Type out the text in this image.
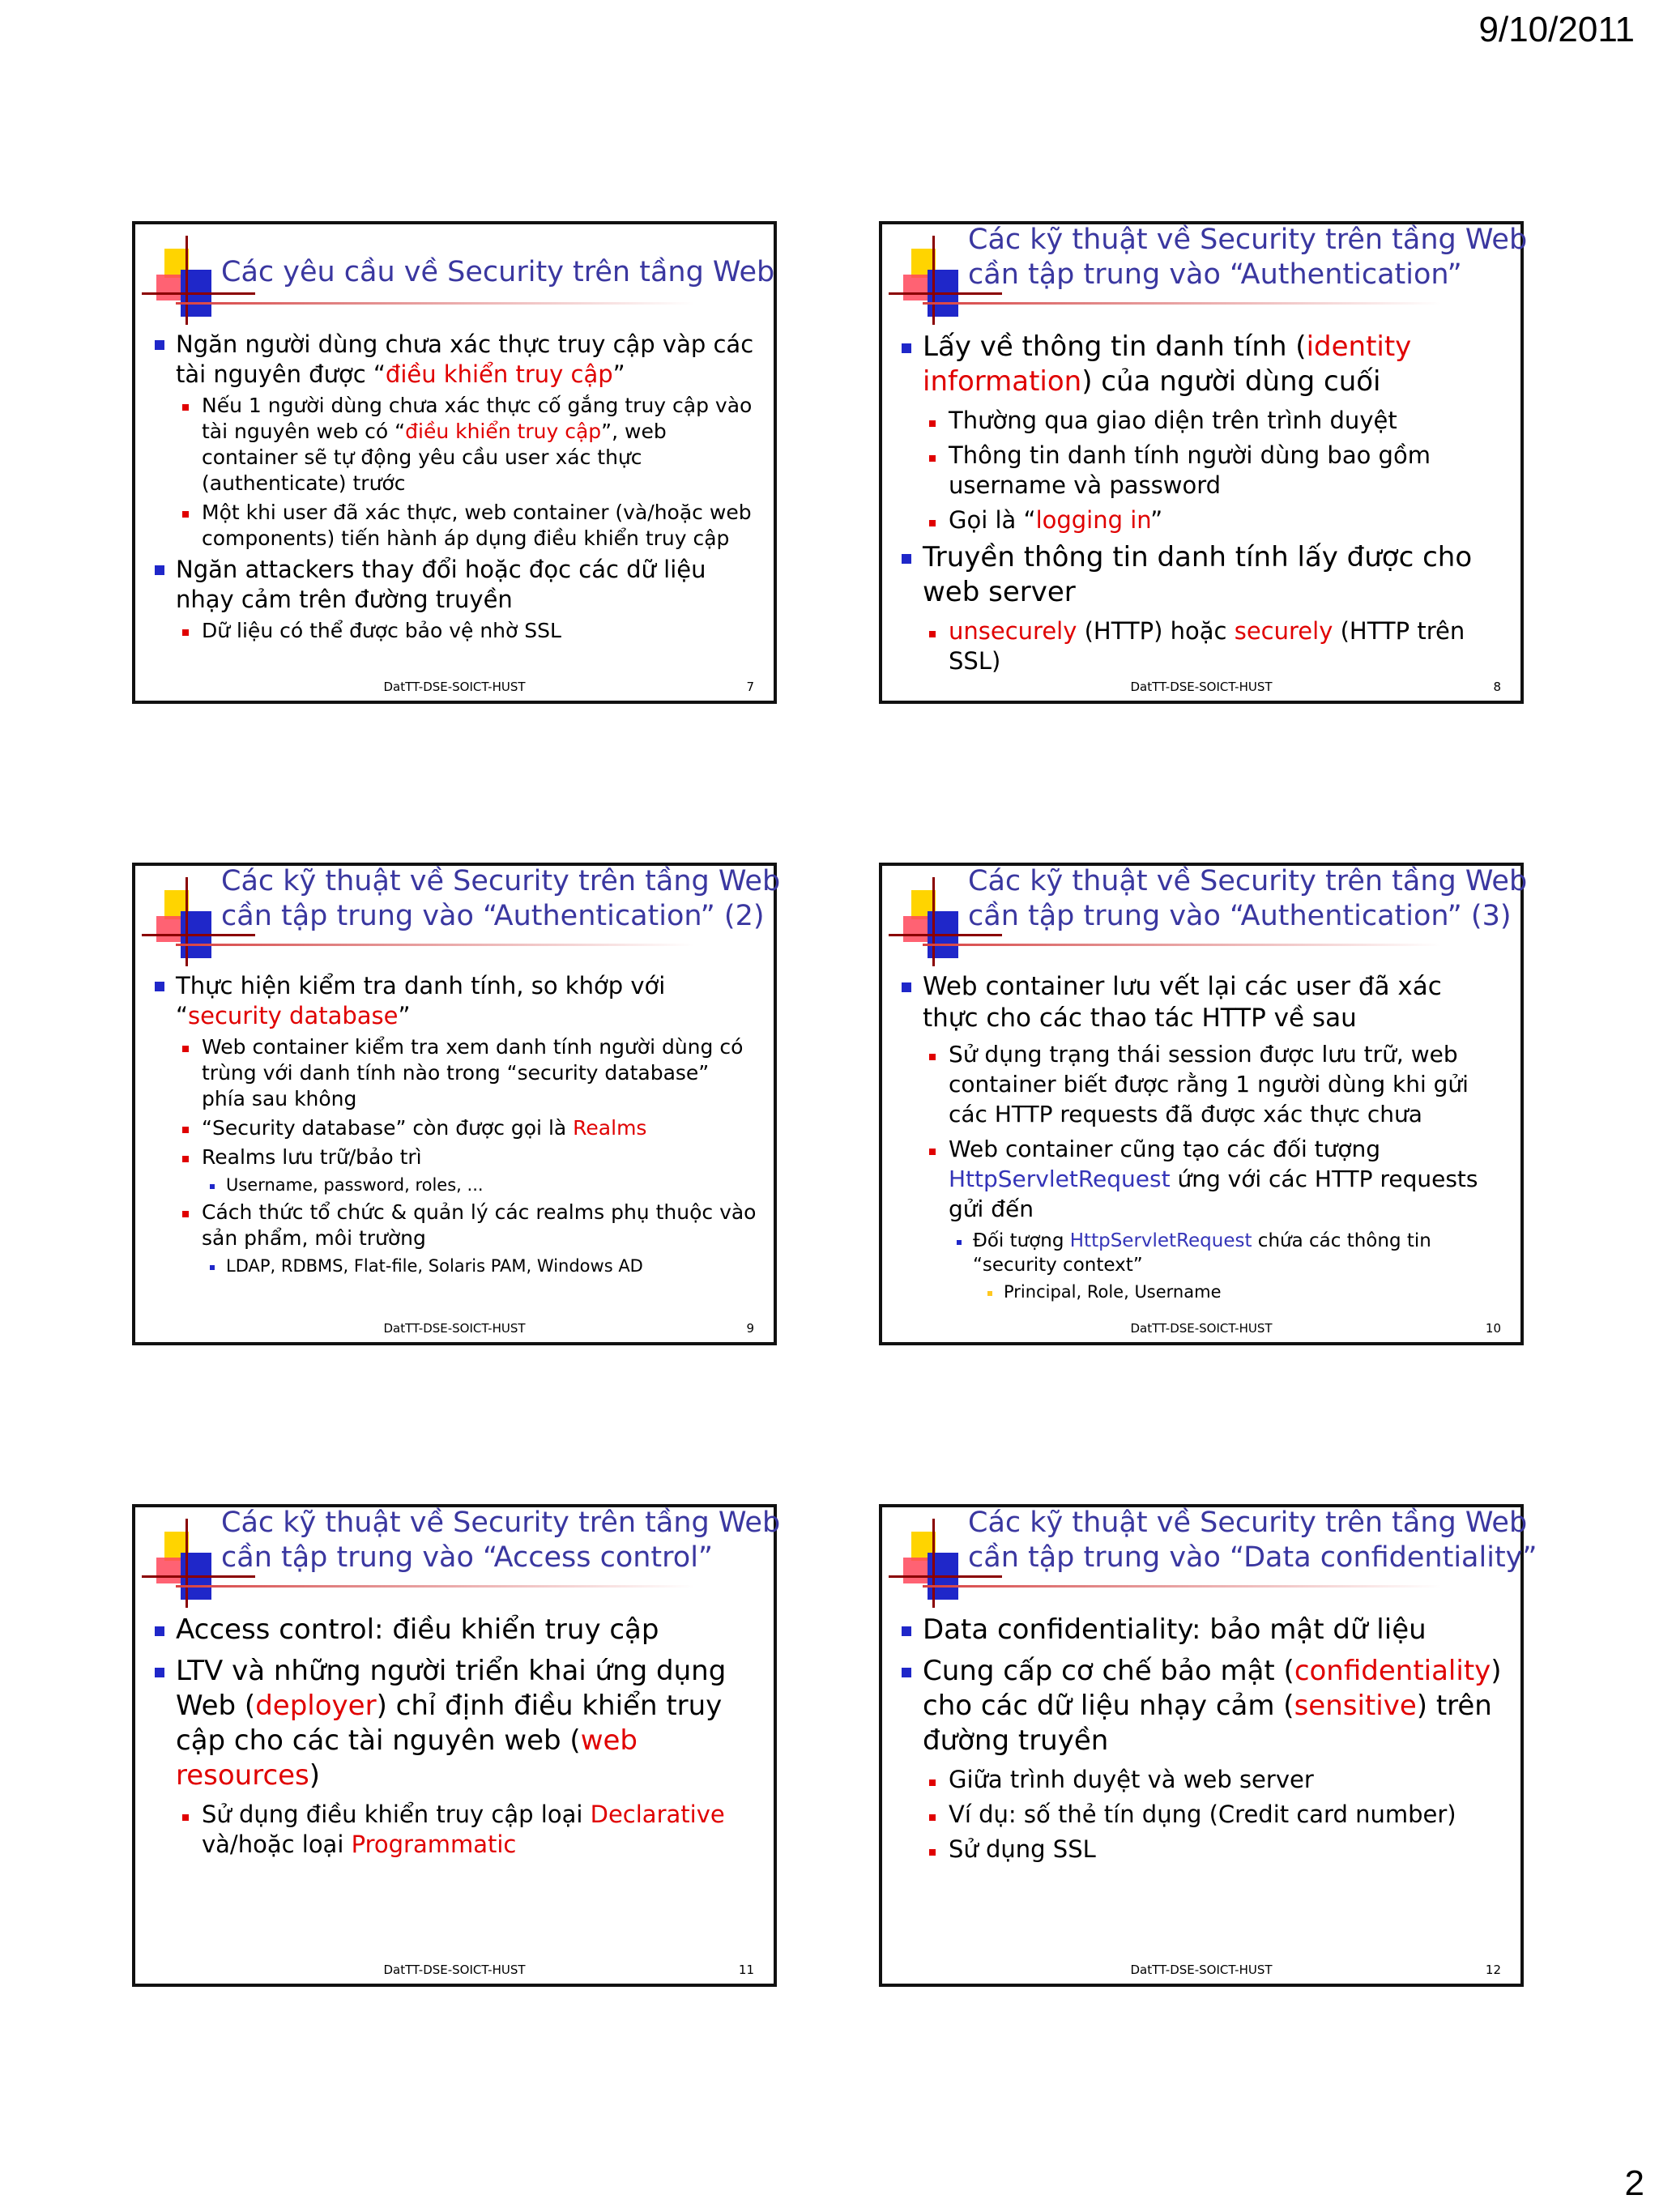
9/10/2011
Các yêu cầu về Security trên tầng Web
Ngăn người dùng chưa xác thực truy cập vàp các tài nguyên được “điều khiển truy cập”
Nếu 1 người dùng chưa xác thực cố gắng truy cập vào tài nguyên web có “điều khiển truy cập”, web container sẽ tự động yêu cầu user xác thực (authenticate) trước
Một khi user đã xác thực, web container (và/hoặc web components) tiến hành áp dụng điều khiển truy cập
Ngăn attackers thay đổi hoặc đọc các dữ liệu nhạy cảm trên đường truyền
Dữ liệu có thể được bảo vệ nhờ SSL
DatTT-DSE-SOICT-HUST	7
Các kỹ thuật về Security trên tầng Web
cần tập trung vào “Authentication”
Lấy về thông tin danh tính (identity information) của người dùng cuối
Thường qua giao diện trên trình duyệt
Thông tin danh tính người dùng bao gồm username và password
Gọi là “logging in”
Truyền thông tin danh tính lấy được cho web server
unsecurely (HTTP) hoặc securely (HTTP trên SSL)
DatTT-DSE-SOICT-HUST	8
Các kỹ thuật về Security trên tầng Web
cần tập trung vào “Authentication” (2)
Thực hiện kiểm tra danh tính, so khớp với “security database”
Web container kiểm tra xem danh tính người dùng có trùng với danh tính nào trong “security database” phía sau không
“Security database” còn được gọi là Realms
Realms lưu trữ/bảo trì
Username, password, roles, ...
Cách thức tổ chức & quản lý các realms phụ thuộc vào sản phẩm, môi trường
LDAP, RDBMS, Flat-file, Solaris PAM, Windows AD
DatTT-DSE-SOICT-HUST	9
Các kỹ thuật về Security trên tầng Web
cần tập trung vào “Authentication” (3)
Web container lưu vết lại các user đã xác thực cho các thao tác HTTP về sau
Sử dụng trạng thái session được lưu trữ, web container biết được rằng 1 người dùng khi gửi các HTTP requests đã được xác thực chưa
Web container cũng tạo các đối tượng HttpServletRequest ứng với các HTTP requests gửi đến
Đối tượng HttpServletRequest chứa các thông tin “security context”
Principal, Role, Username
DatTT-DSE-SOICT-HUST	10
Các kỹ thuật về Security trên tầng Web
cần tập trung vào “Access control”
Access control: điều khiển truy cập
LTV và những người triển khai ứng dụng Web (deployer) chỉ định điều khiển truy cập cho các tài nguyên web (web resources)
Sử dụng điều khiển truy cập loại Declarative và/hoặc loại Programmatic
DatTT-DSE-SOICT-HUST	11
Các kỹ thuật về Security trên tầng Web
cần tập trung vào “Data confidentiality”
Data confidentiality: bảo mật dữ liệu
Cung cấp cơ chế bảo mật (confidentiality) cho các dữ liệu nhạy cảm (sensitive) trên đường truyền
Giữa trình duyệt và web server
Ví dụ: số thẻ tín dụng (Credit card number)
Sử dụng SSL
DatTT-DSE-SOICT-HUST	12
2
